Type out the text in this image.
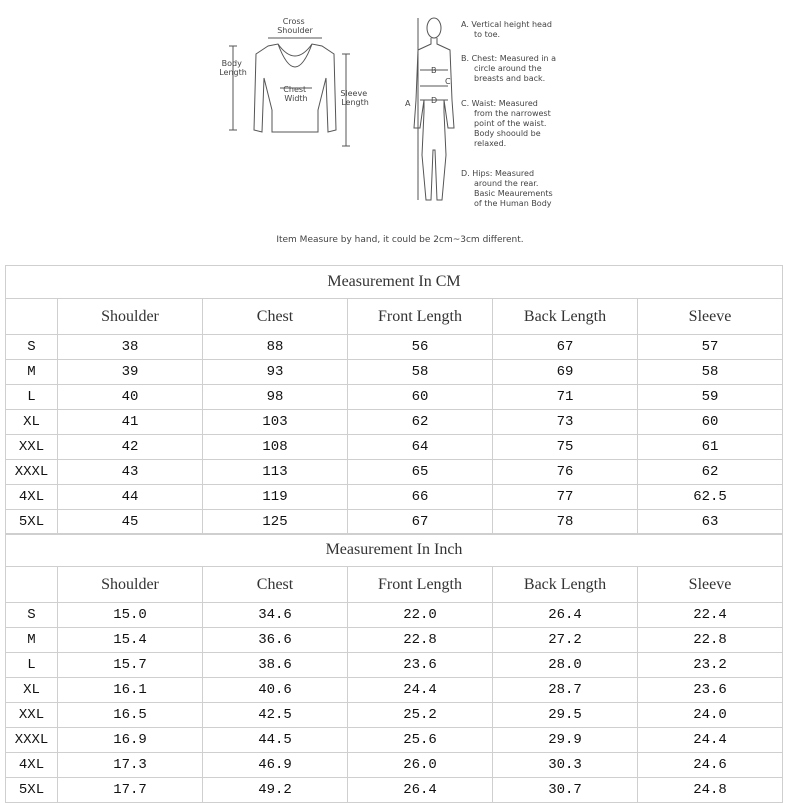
Cross Shoulder
Body Length
Chest Width
Sleeve Length	A
B
C
D
A. Vertical height head to toe.
B. Chest: Measured in a circle around the breasts and back.
C. Waist: Measured from the narrowest point of the waist. Body shoould be relaxed.
D. Hips: Measured around the rear. Basic Meaurements of the Human Body
Item Measure by hand, it could be 2cm~3cm different.
Measurement In CM					
	Shoulder	Chest	Front Length	Back Length	Sleeve
S	38	88	56	67	57
M	39	93	58	69	58
L	40	98	60	71	59
XL	41	103	62	73	60
XXL	42	108	64	75	61
XXXL	43	113	65	76	62
4XL	44	119	66	77	62.5
5XL	45	125	67	78	63
Measurement In Inch					
	Shoulder	Chest	Front Length	Back Length	Sleeve
S	15.0	34.6	22.0	26.4	22.4
M	15.4	36.6	22.8	27.2	22.8
L	15.7	38.6	23.6	28.0	23.2
XL	16.1	40.6	24.4	28.7	23.6
XXL	16.5	42.5	25.2	29.5	24.0
XXXL	16.9	44.5	25.6	29.9	24.4
4XL	17.3	46.9	26.0	30.3	24.6
5XL	17.7	49.2	26.4	30.7	24.8
